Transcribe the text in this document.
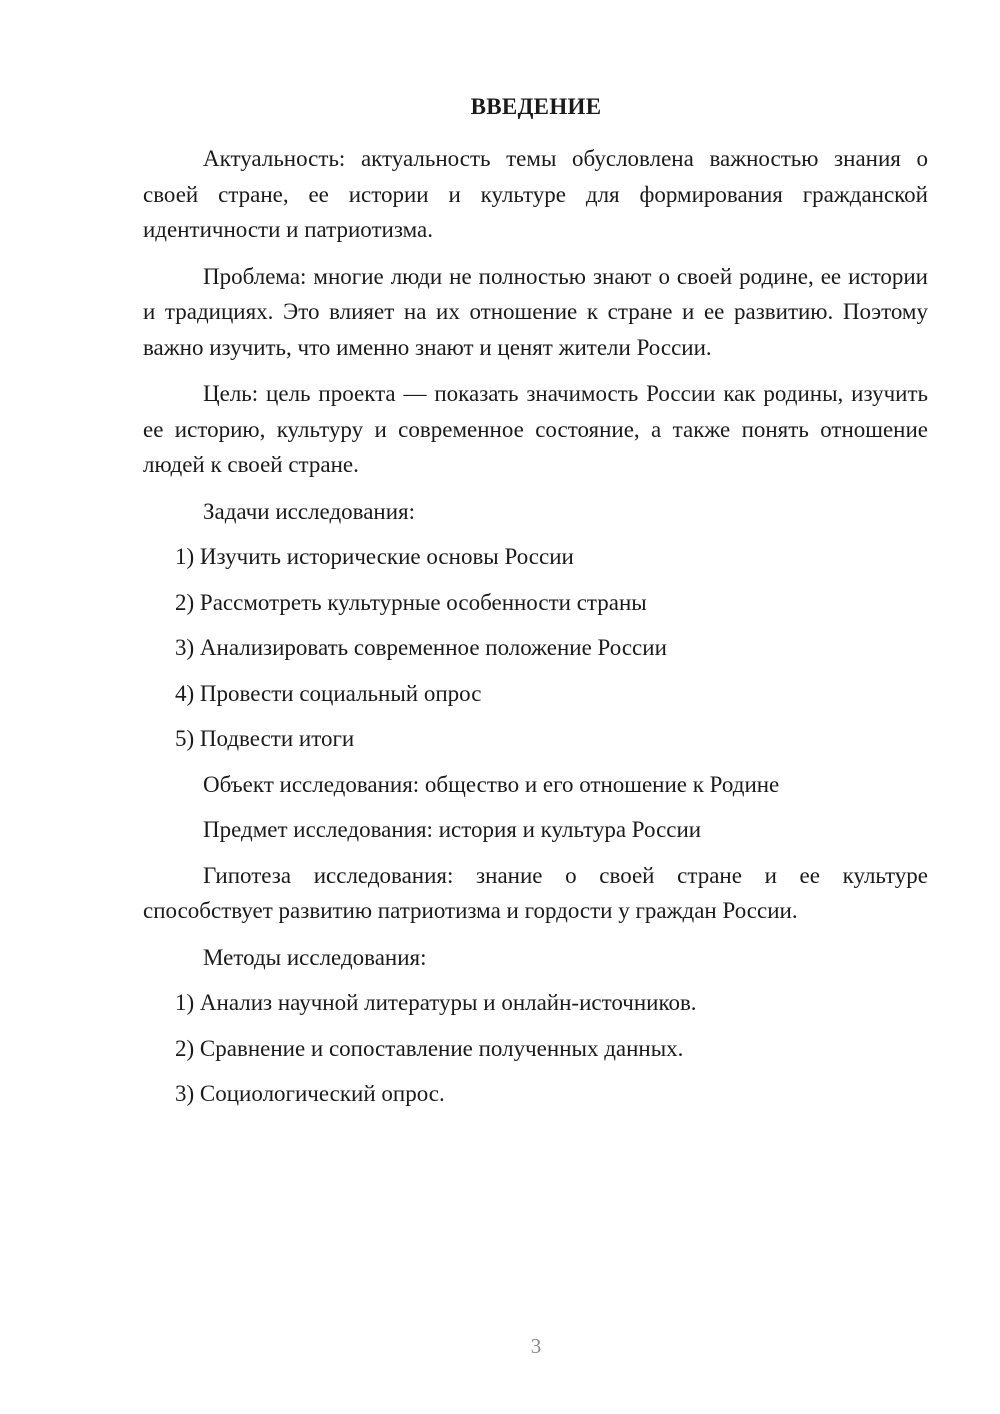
ВВЕДЕНИЕ

Актуальность: актуальность темы обусловлена важностью знания о своей стране, ее истории и культуре для формирования гражданской идентичности и патриотизма.

Проблема: многие люди не полностью знают о своей родине, ее истории и традициях. Это влияет на их отношение к стране и ее развитию. Поэтому важно изучить, что именно знают и ценят жители России.

Цель: цель проекта — показать значимость России как родины, изучить ее историю, культуру и современное состояние, а также понять отношение людей к своей стране.

Задачи исследования:
1) Изучить исторические основы России
2) Рассмотреть культурные особенности страны
3) Анализировать современное положение России
4) Провести социальный опрос
5) Подвести итоги
Объект исследования: общество и его отношение к Родине
Предмет исследования: история и культура России

Гипотеза исследования: знание о своей стране и ее культуре способствует развитию патриотизма и гордости у граждан России.

Методы исследования:
1) Анализ научной литературы и онлайн-источников.
2) Сравнение и сопоставление полученных данных.
3) Социологический опрос.
3
